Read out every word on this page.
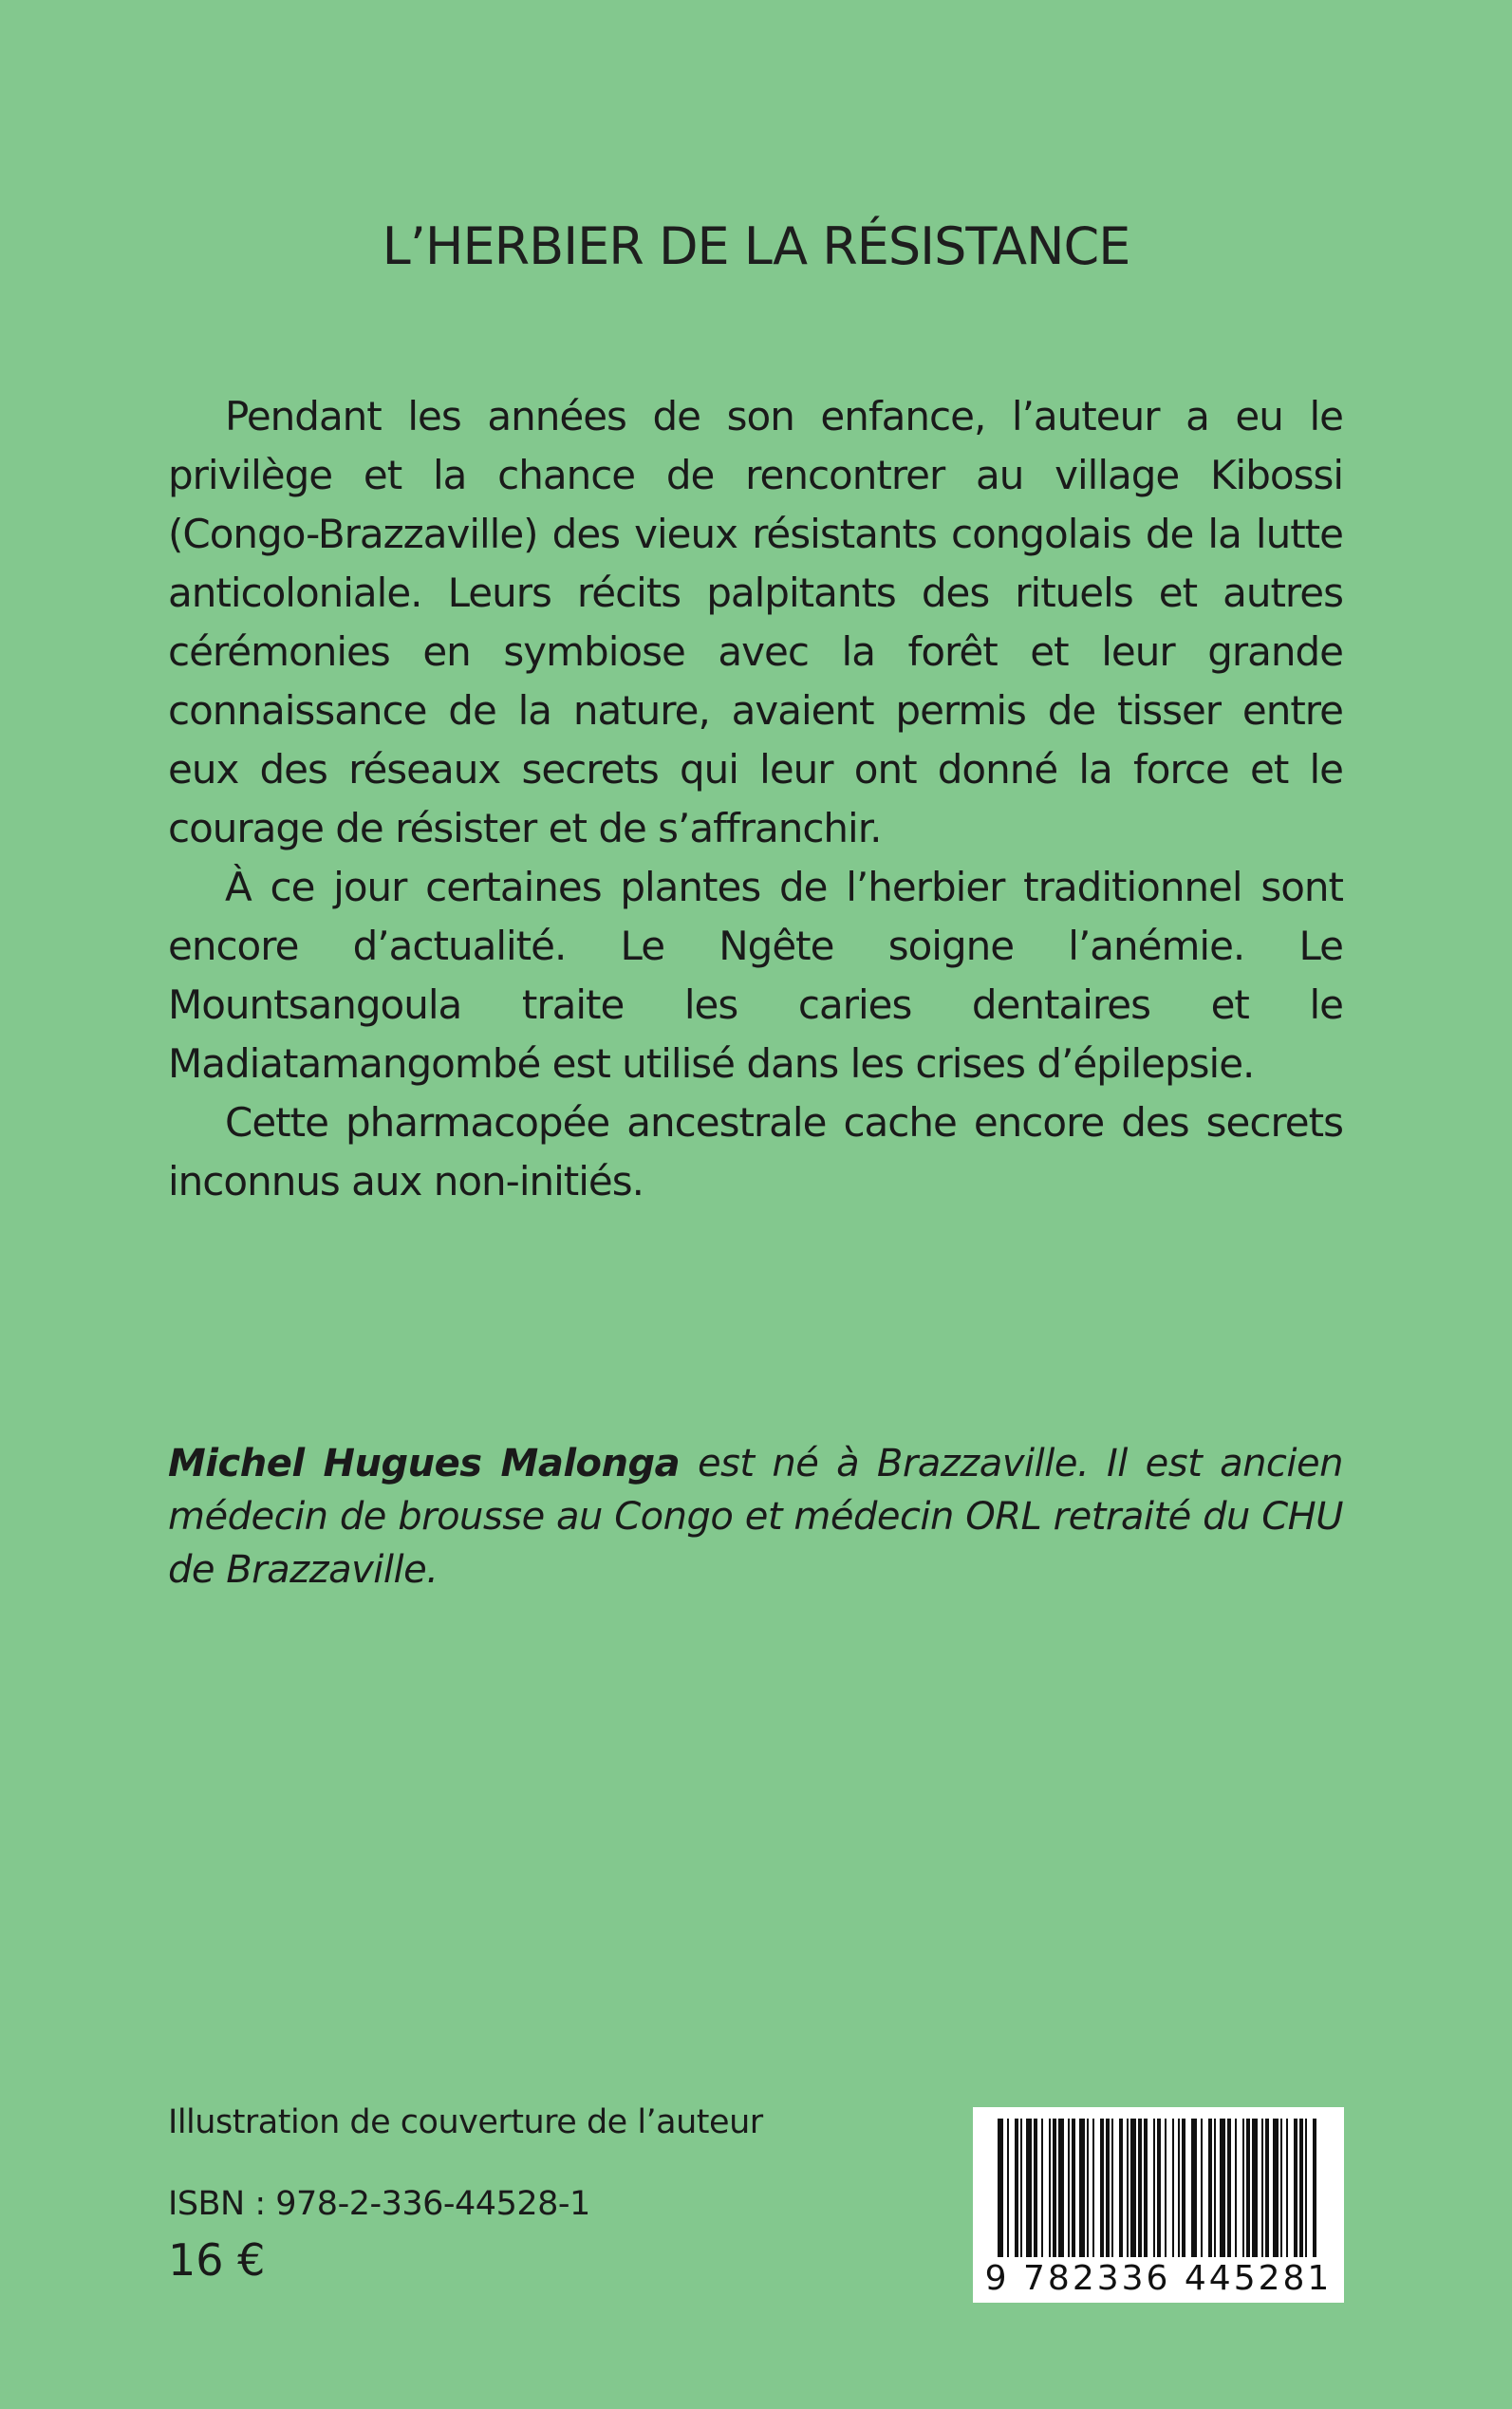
L’HERBIER DE LA RÉSISTANCE

Pendant les années de son enfance, l’auteur a eu le privilège et la chance de rencontrer au village Kibossi (Congo-Brazzaville) des vieux résistants congolais de la lutte anticoloniale. Leurs récits palpitants des rituels et autres cérémonies en symbiose avec la forêt et leur grande connaissance de la nature, avaient permis de tisser entre eux des réseaux secrets qui leur ont donné la force et le courage de résister et de s’affranchir.

À ce jour certaines plantes de l’herbier traditionnel sont encore d’actualité. Le Ngête soigne l’anémie. Le Mountsangoula traite les caries dentaires et le Madiatamangombé est utilisé dans les crises d’épilepsie.

Cette pharmacopée ancestrale cache encore des secrets inconnus aux non-initiés.

Michel Hugues Malonga est né à Brazzaville. Il est ancien médecin de brousse au Congo et médecin ORL retraité du CHU de Brazzaville.

Illustration de couverture de l’auteur

ISBN : 978-2-336-44528-1

16 €	9 782336 445281
